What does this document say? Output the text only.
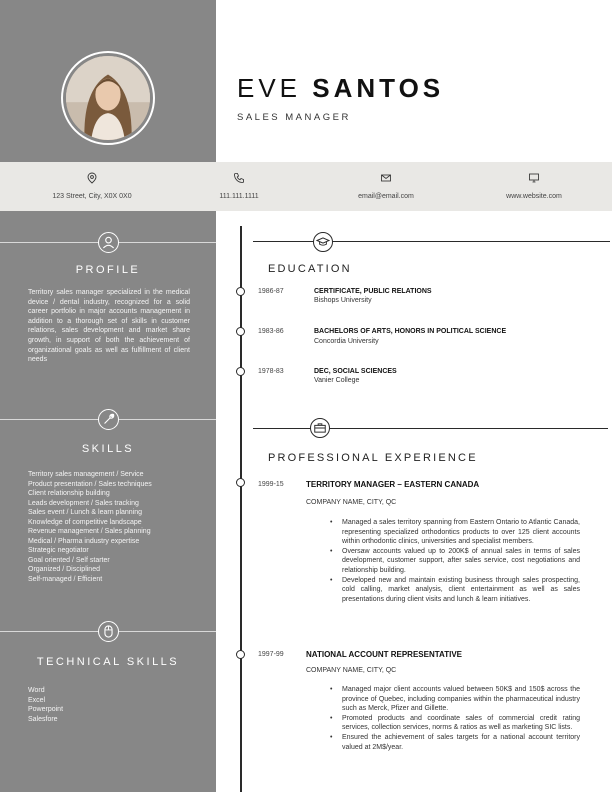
EVE SANTOS
SALES MANAGER
123 Street, City, X0X 0X0	111.111.1111	email@email.com	www.website.com
PROFILE
Territory sales manager specialized in the medical device / dental industry, recognized for a solid career portfolio in major accounts management in addition to a thorough set of skills in customer relations, sales development and market share growth, in support of both the achievement of organizational goals as well as fulfillment of client needs
SKILLS
Territory sales management / Service
Product presentation / Sales techniques
Client relationship building
Leads development / Sales tracking
Sales event / Lunch & learn planning
Knowledge of competitive landscape
Revenue management / Sales planning
Medical / Pharma industry expertise
Strategic negotiator
Goal oriented / Self starter
Organized / Disciplined
Self-managed / Efficient
TECHNICAL SKILLS
Word
Excel
Powerpoint
Salesfore
EDUCATION
1986-87	CERTIFICATE, PUBLIC RELATIONS
Bishops University
1983-86	BACHELORS OF ARTS, HONORS IN POLITICAL SCIENCE
Concordia University
1978-83	DEC, SOCIAL SCIENCES
Vanier College
PROFESSIONAL EXPERIENCE
1999-15	TERRITORY MANAGER – EASTERN CANADA
COMPANY NAME, CITY, QC
• Managed a sales territory spanning from Eastern Ontario to Atlantic Canada, representing specialized orthodontics products to over 125 client accounts within orthodontic clinics, universities and specialist members.
• Oversaw accounts valued up to 200K$ of annual sales in terms of sales development, customer support, after sales service, cost negotiations and relationship building.
• Developed new and maintain existing business through sales prospecting, cold calling, market analysis, client entertainment as well as sales presentations during client visits and lunch & learn initiatives.
1997-99	NATIONAL ACCOUNT REPRESENTATIVE
COMPANY NAME, CITY, QC
• Managed major client accounts valued between 50K$ and 150$ across the province of Quebec, including companies within the pharmaceutical industry such as Merck, Pfizer and Gillette.
• Promoted products and coordinate sales of commercial credit rating services, collection services, norms & ratios as well as marketing SIC lists.
• Ensured the achievement of sales targets for a national account territory valued at 2M$/year.
